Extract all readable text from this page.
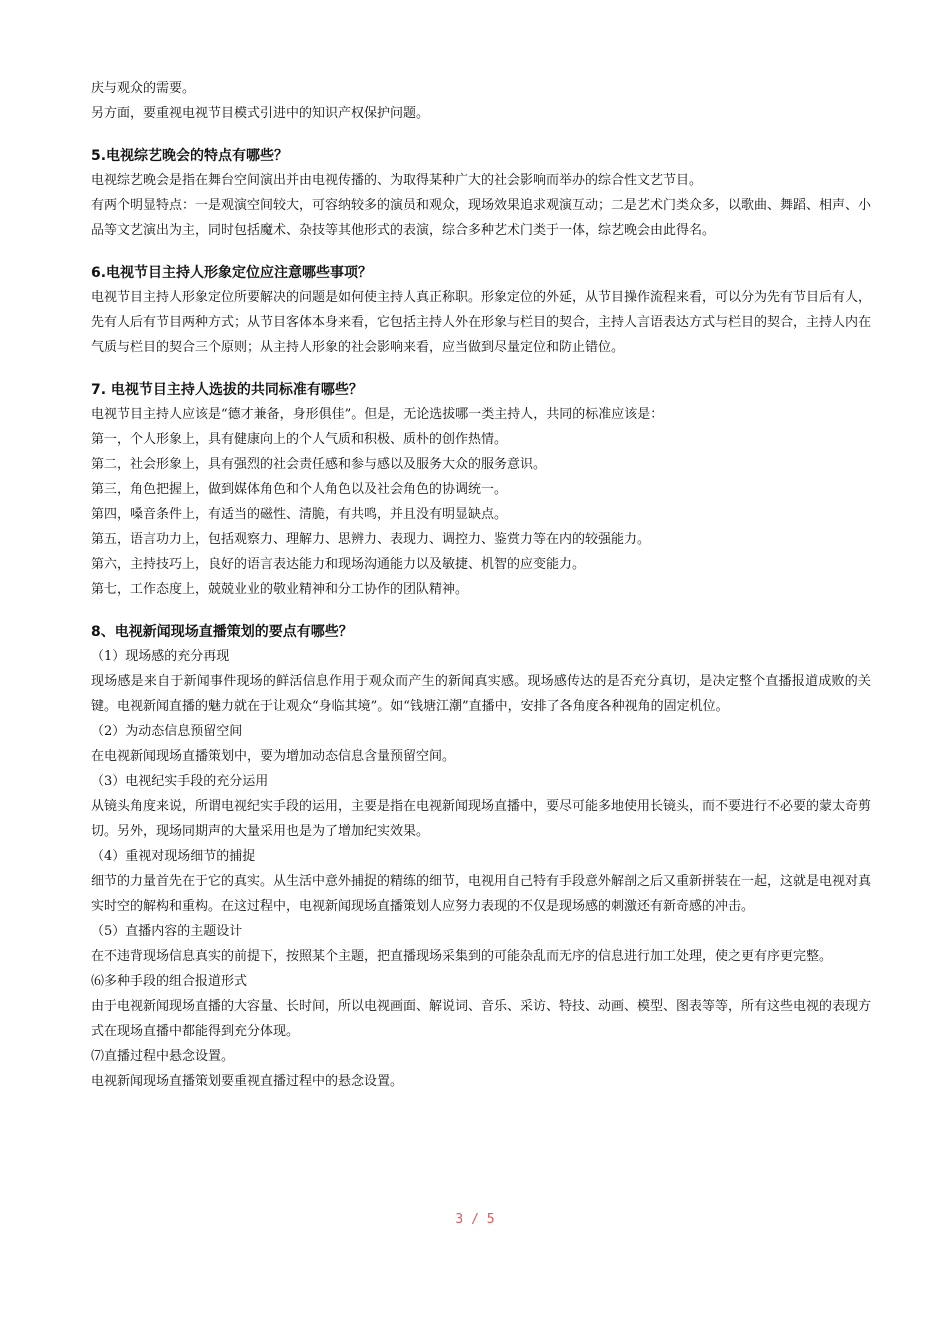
庆与观众的需要。

另方面，要重视电视节目模式引进中的知识产权保护问题。

5.电视综艺晚会的特点有哪些？

电视综艺晚会是指在舞台空间演出并由电视传播的、为取得某种广大的社会影响而举办的综合性文艺节目。

有两个明显特点：一是观演空间较大，可容纳较多的演员和观众，现场效果追求观演互动；二是艺术门类众多，以歌曲、舞蹈、相声、小品等文艺演出为主，同时包括魔术、杂技等其他形式的表演，综合多种艺术门类于一体，综艺晚会由此得名。

6.电视节目主持人形象定位应注意哪些事项？

电视节目主持人形象定位所要解决的问题是如何使主持人真正称职。形象定位的外延，从节目操作流程来看，可以分为先有节目后有人，先有人后有节目两种方式；从节目客体本身来看，它包括主持人外在形象与栏目的契合，主持人言语表达方式与栏目的契合，主持人内在气质与栏目的契合三个原则；从主持人形象的社会影响来看，应当做到尽量定位和防止错位。

7. 电视节目主持人选拔的共同标准有哪些？

电视节目主持人应该是“德才兼备，身形俱佳”。但是，无论选拔哪一类主持人，共同的标准应该是：

第一，个人形象上，具有健康向上的个人气质和积极、质朴的创作热情。

第二，社会形象上，具有强烈的社会责任感和参与感以及服务大众的服务意识。

第三，角色把握上，做到媒体角色和个人角色以及社会角色的协调统一。

第四，嗓音条件上，有适当的磁性、清脆，有共鸣，并且没有明显缺点。

第五，语言功力上，包括观察力、理解力、思辨力、表现力、调控力、鉴赏力等在内的较强能力。

第六，主持技巧上，良好的语言表达能力和现场沟通能力以及敏捷、机智的应变能力。

第七，工作态度上，兢兢业业的敬业精神和分工协作的团队精神。

8、电视新闻现场直播策划的要点有哪些？

（1）现场感的充分再现

现场感是来自于新闻事件现场的鲜活信息作用于观众而产生的新闻真实感。现场感传达的是否充分真切，是决定整个直播报道成败的关键。电视新闻直播的魅力就在于让观众“身临其境”。如“钱塘江潮”直播中，安排了各角度各种视角的固定机位。

（2）为动态信息预留空间

在电视新闻现场直播策划中，要为增加动态信息含量预留空间。

（3）电视纪实手段的充分运用

从镜头角度来说，所谓电视纪实手段的运用，主要是指在电视新闻现场直播中，要尽可能多地使用长镜头，而不要进行不必要的蒙太奇剪切。另外，现场同期声的大量采用也是为了增加纪实效果。

（4）重视对现场细节的捕捉

细节的力量首先在于它的真实。从生活中意外捕捉的精练的细节，电视用自己特有手段意外解剖之后又重新拼装在一起，这就是电视对真实时空的解构和重构。在这过程中，电视新闻现场直播策划人应努力表现的不仅是现场感的刺激还有新奇感的冲击。

（5）直播内容的主题设计

在不违背现场信息真实的前提下，按照某个主题，把直播现场采集到的可能杂乱而无序的信息进行加工处理，使之更有序更完整。

⑹多种手段的组合报道形式

由于电视新闻现场直播的大容量、长时间，所以电视画面、解说词、音乐、采访、特技、动画、模型、图表等等，所有这些电视的表现方式在现场直播中都能得到充分体现。

⑺直播过程中悬念设置。

电视新闻现场直播策划要重视直播过程中的悬念设置。

3 / 5
